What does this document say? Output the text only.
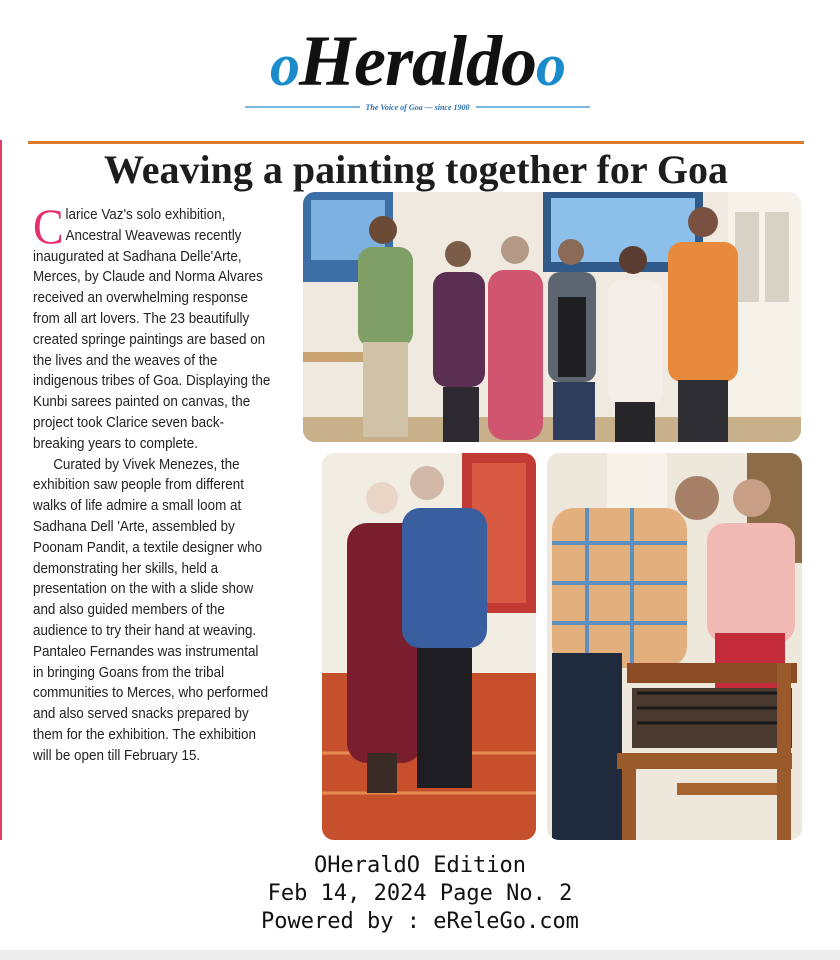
oHeraldoo
The Voice of Goa — since 1900
Weaving a painting together for Goa

Clarice Vaz's solo exhibition, Ancestral Weavewas recently inaugurated at Sadhana Delle'Arte, Merces, by Claude and Norma Alvares received an overwhelming response from all art lovers. The 23 beautifully created springe paintings are based on the lives and the weaves of the indigenous tribes of Goa. Displaying the Kunbi sarees painted on canvas, the project took Clarice seven back-breaking years to complete.

Curated by Vivek Menezes, the exhibition saw people from different walks of life admire a small loom at Sadhana Dell 'Arte, assembled by Poonam Pandit, a textile designer who demonstrating her skills, held a presentation on the with a slide show and also guided members of the audience to try their hand at weaving. Pantaleo Fernandes was instrumental in bringing Goans from the tribal communities to Merces, who performed and also served snacks prepared by them for the exhibition. The exhibition will be open till February 15.

OHeraldO Edition
Feb 14, 2024 Page No. 2
Powered by : eReleGo.com
